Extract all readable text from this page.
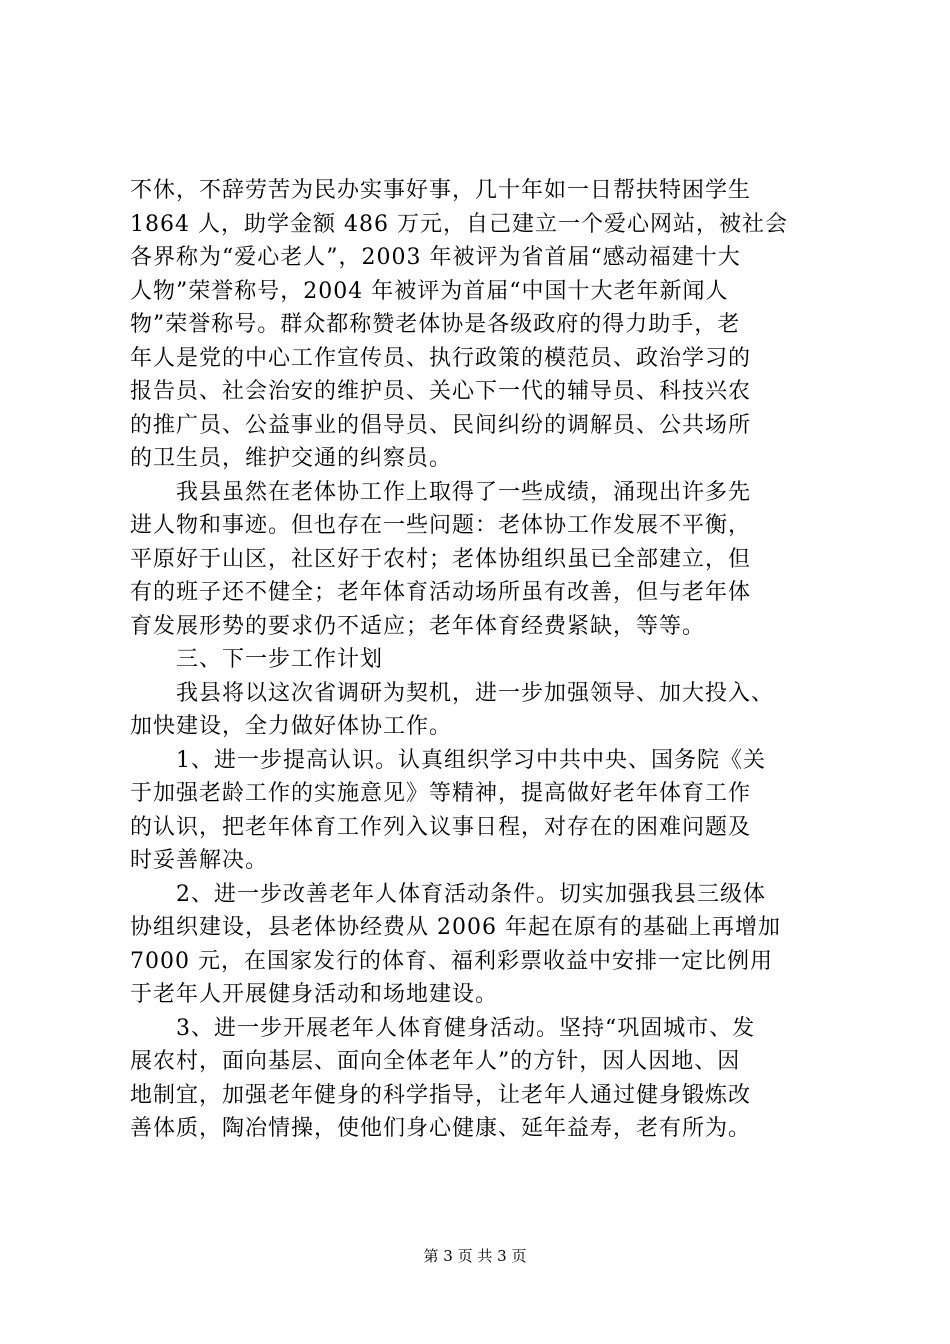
不休，不辞劳苦为民办实事好事，几十年如一日帮扶特困学生
1864 人，助学金额 486 万元，自己建立一个爱心网站，被社会
各界称为“爱心老人”，2003 年被评为省首届“感动福建十大
人物”荣誉称号，2004 年被评为首届“中国十大老年新闻人
物”荣誉称号。群众都称赞老体协是各级政府的得力助手，老
年人是党的中心工作宣传员、执行政策的模范员、政治学习的
报告员、社会治安的维护员、关心下一代的辅导员、科技兴农
的推广员、公益事业的倡导员、民间纠纷的调解员、公共场所
的卫生员，维护交通的纠察员。
　　我县虽然在老体协工作上取得了一些成绩，涌现出许多先
进人物和事迹。但也存在一些问题：老体协工作发展不平衡，
平原好于山区，社区好于农村；老体协组织虽已全部建立，但
有的班子还不健全；老年体育活动场所虽有改善，但与老年体
育发展形势的要求仍不适应；老年体育经费紧缺，等等。
　　三、下一步工作计划
　　我县将以这次省调研为契机，进一步加强领导、加大投入、
加快建设，全力做好体协工作。
　　1、进一步提高认识。认真组织学习中共中央、国务院《关
于加强老龄工作的实施意见》等精神，提高做好老年体育工作
的认识，把老年体育工作列入议事日程，对存在的困难问题及
时妥善解决。
　　2、进一步改善老年人体育活动条件。切实加强我县三级体
协组织建设，县老体协经费从 2006 年起在原有的基础上再增加
7000 元，在国家发行的体育、福利彩票收益中安排一定比例用
于老年人开展健身活动和场地建设。
　　3、进一步开展老年人体育健身活动。坚持“巩固城市、发
展农村，面向基层、面向全体老年人”的方针，因人因地、因
地制宜，加强老年健身的科学指导，让老年人通过健身锻炼改
善体质，陶冶情操，使他们身心健康、延年益寿，老有所为。
第 3 页 共 3 页
